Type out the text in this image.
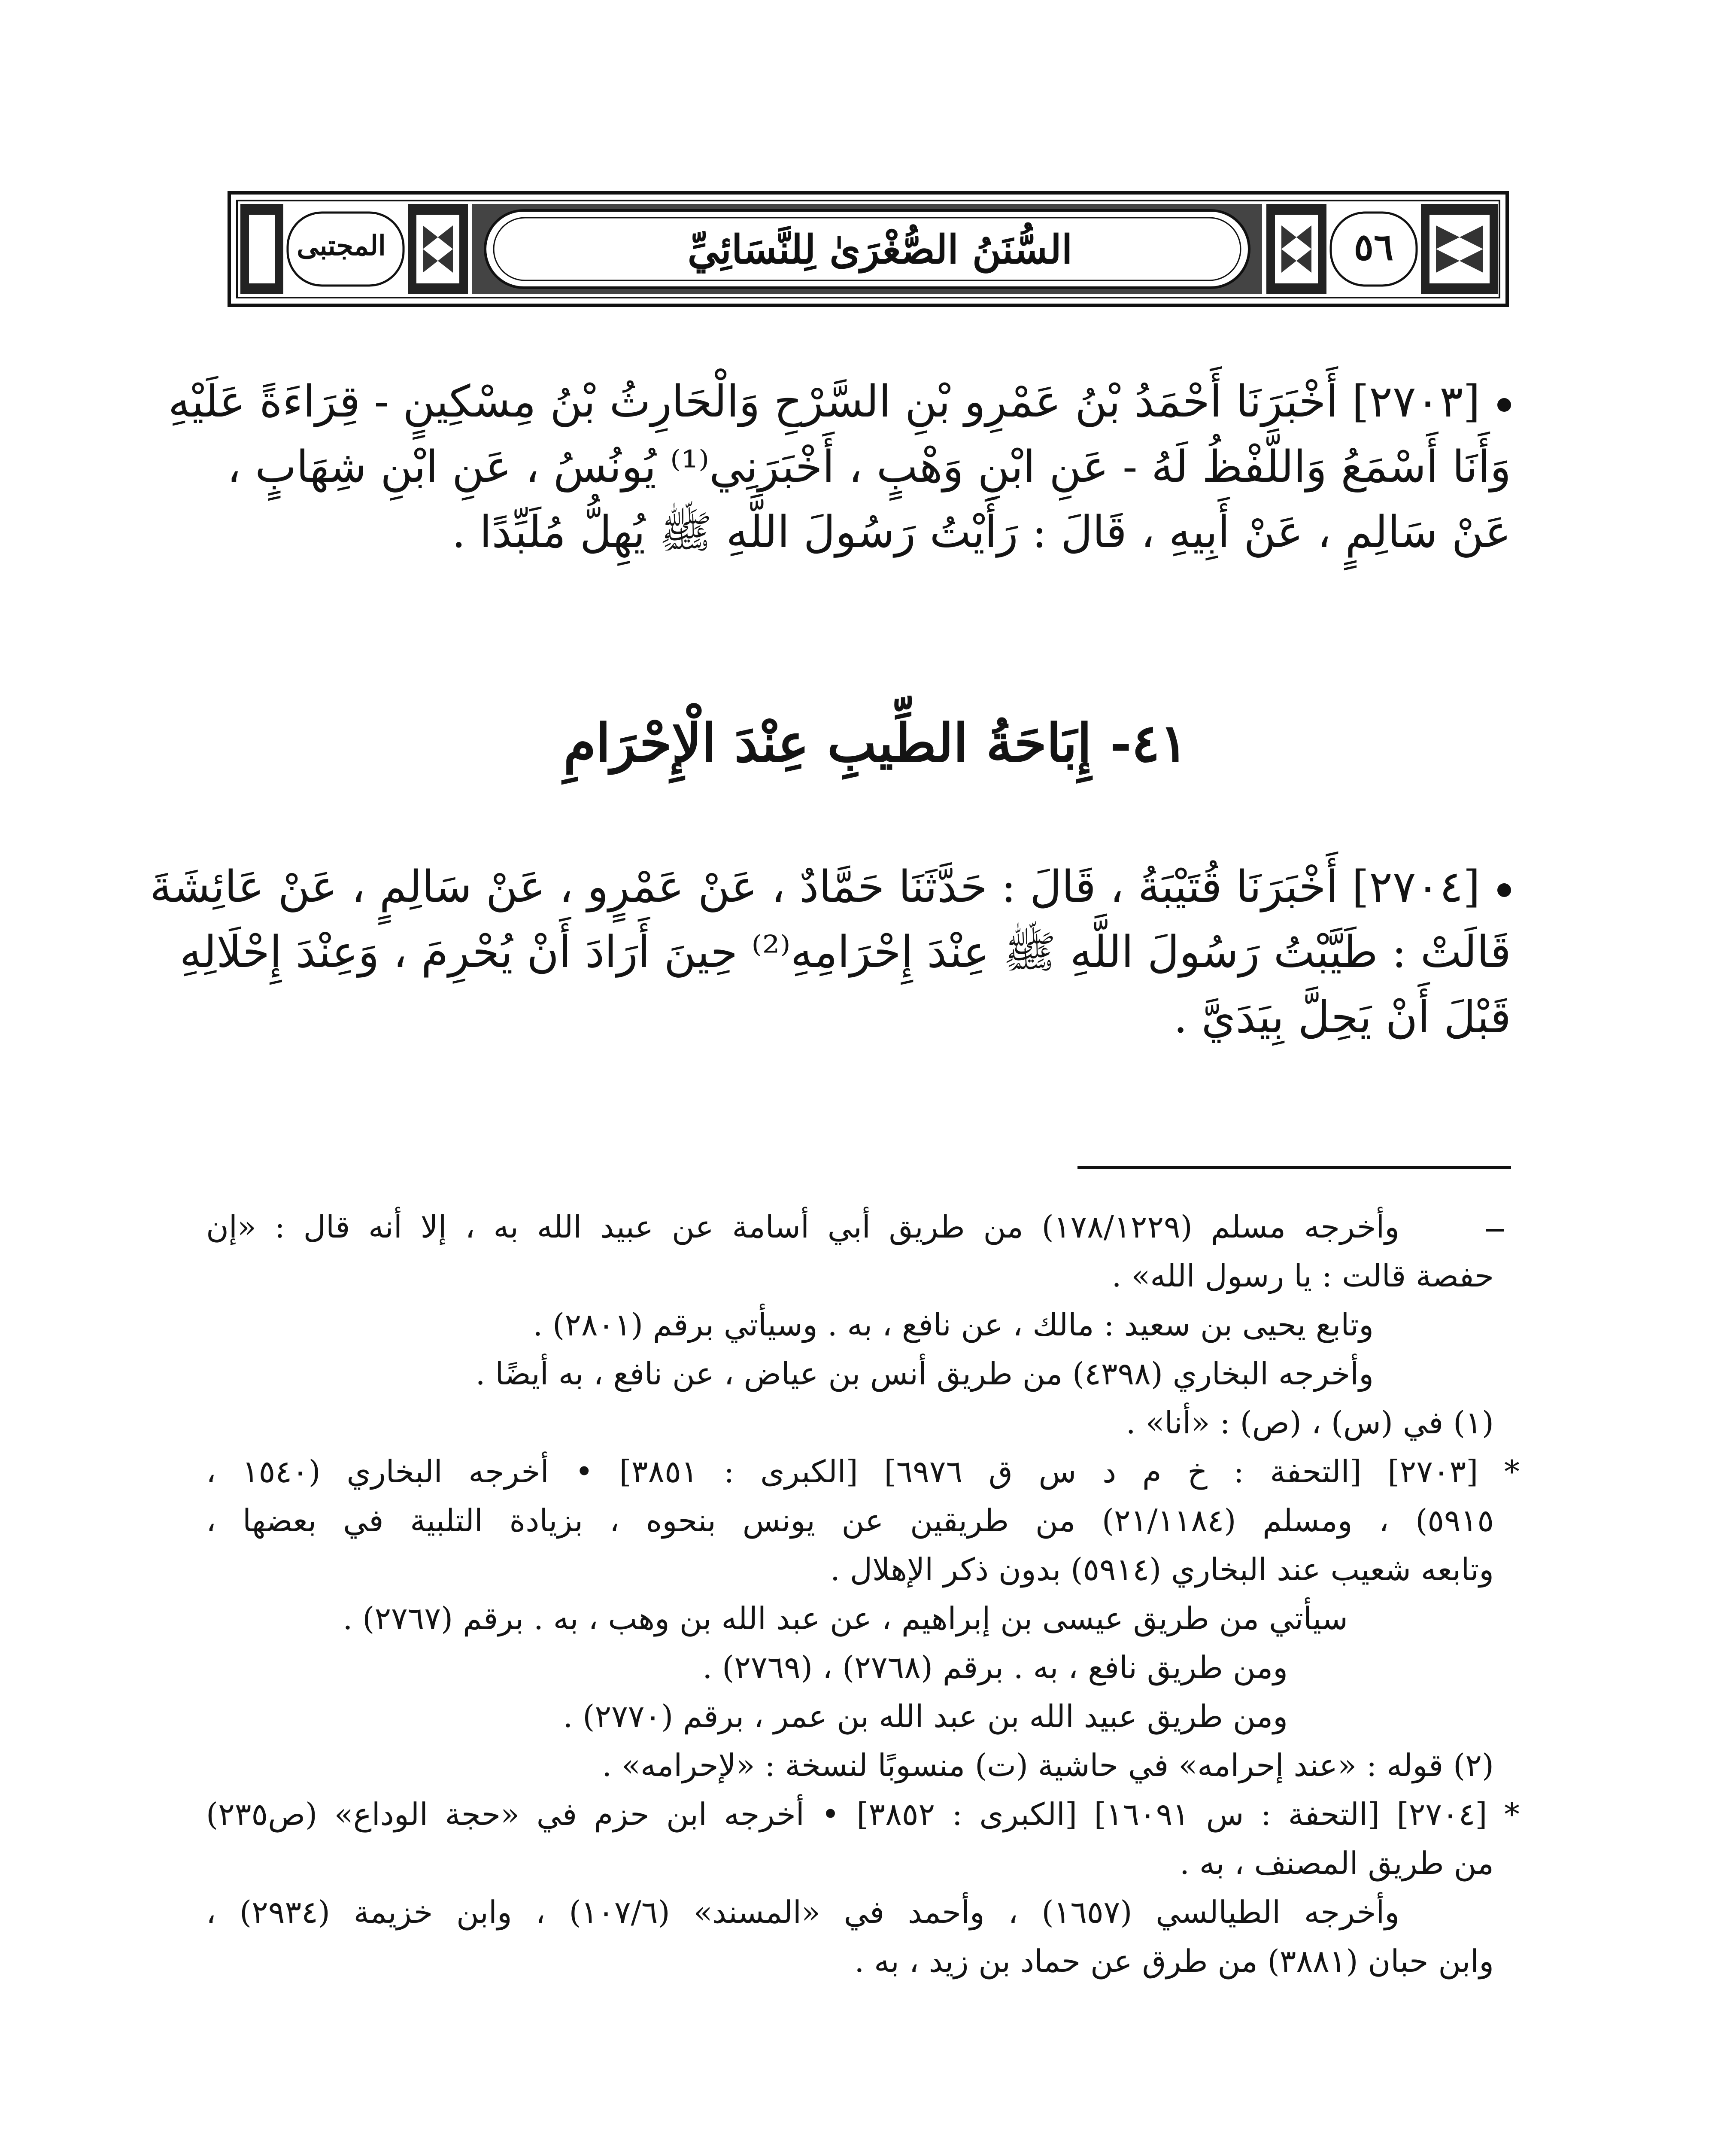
السُّنَنُ الصُّغْرَىٰ لِلنَّسَائِيِّ	٥٦
المجتبى
[٢٧٠٣] أَخْبَرَنَا أَحْمَدُ بْنُ عَمْرِو بْنِ السَّرْحِ وَالْحَارِثُ بْنُ مِسْكِينٍ - قِرَاءَةً عَلَيْهِ
وَأَنَا أَسْمَعُ وَاللَّفْظُ لَهُ - عَنِ ابْنِ وَهْبٍ ، أَخْبَرَنِي⁽¹⁾ يُونُسُ ، عَنِ ابْنِ شِهَابٍ ،
عَنْ سَالِمٍ ، عَنْ أَبِيهِ ، قَالَ : رَأَيْتُ رَسُولَ اللَّهِ ﷺ يُهِلُّ مُلَبِّدًا .
٤١- إِبَاحَةُ الطِّيبِ عِنْدَ الْإِحْرَامِ
[٢٧٠٤] أَخْبَرَنَا قُتَيْبَةُ ، قَالَ : حَدَّثَنَا حَمَّادٌ ، عَنْ عَمْرٍو ، عَنْ سَالِمٍ ، عَنْ عَائِشَةَ
قَالَتْ : طَيَّبْتُ رَسُولَ اللَّهِ ﷺ عِنْدَ إِحْرَامِهِ⁽²⁾ حِينَ أَرَادَ أَنْ يُحْرِمَ ، وَعِنْدَ إِحْلَالِهِ
قَبْلَ أَنْ يَحِلَّ بِيَدَيَّ .
وأخرجه مسلم (١٧٨/١٢٢٩) من طريق أبي أسامة عن عبيد الله به ، إلا أنه قال : «إن
حفصة قالت : يا رسول الله» .
وتابع يحيى بن سعيد : مالك ، عن نافع ، به . وسيأتي برقم (٢٨٠١) .
وأخرجه البخاري (٤٣٩٨) من طريق أنس بن عياض ، عن نافع ، به أيضًا .
(١) في (س) ، (ص) : «أنا» .
* [٢٧٠٣] [التحفة : خ م د س ق ٦٩٧٦] [الكبرى : ٣٨٥١] • أخرجه البخاري (١٥٤٠ ،
٥٩١٥) ، ومسلم (٢١/١١٨٤) من طريقين عن يونس بنحوه ، بزيادة التلبية في بعضها ،
وتابعه شعيب عند البخاري (٥٩١٤) بدون ذكر الإهلال .
سيأتي من طريق عيسى بن إبراهيم ، عن عبد الله بن وهب ، به . برقم (٢٧٦٧) .
ومن طريق نافع ، به . برقم (٢٧٦٨) ، (٢٧٦٩) .
ومن طريق عبيد الله بن عبد الله بن عمر ، برقم (٢٧٧٠) .
(٢) قوله : «عند إحرامه» في حاشية (ت) منسوبًا لنسخة : «لإحرامه» .
* [٢٧٠٤] [التحفة : س ١٦٠٩١] [الكبرى : ٣٨٥٢] • أخرجه ابن حزم في «حجة الوداع» (ص٢٣٥)
من طريق المصنف ، به .
وأخرجه الطيالسي (١٦٥٧) ، وأحمد في «المسند» (١٠٧/٦) ، وابن خزيمة (٢٩٣٤) ،
وابن حبان (٣٨٨١) من طرق عن حماد بن زيد ، به .
